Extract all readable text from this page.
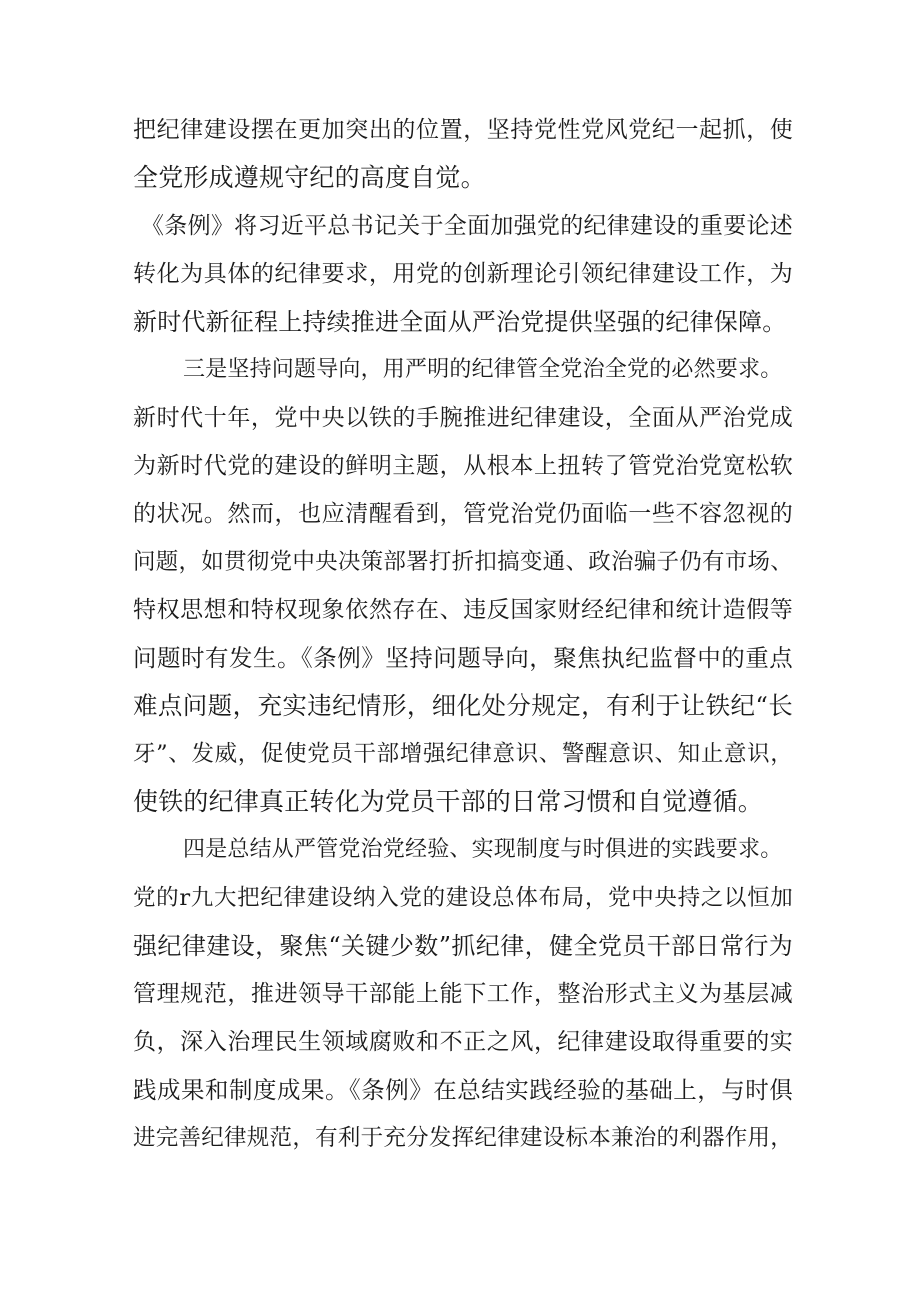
把纪律建设摆在更加突出的位置，坚持党性党风党纪一起抓，使
全党形成遵规守纪的高度自觉。

《条例》将习近平总书记关于全面加强党的纪律建设的重要论述
转化为具体的纪律要求，用党的创新理论引领纪律建设工作，为
新时代新征程上持续推进全面从严治党提供坚强的纪律保障。

三是坚持问题导向，用严明的纪律管全党治全党的必然要求。
新时代十年，党中央以铁的手腕推进纪律建设，全面从严治党成
为新时代党的建设的鲜明主题，从根本上扭转了管党治党宽松软
的状况。然而，也应清醒看到，管党治党仍面临一些不容忽视的
问题，如贯彻党中央决策部署打折扣搞变通、政治骗子仍有市场、
特权思想和特权现象依然存在、违反国家财经纪律和统计造假等
问题时有发生。《条例》坚持问题导向，聚焦执纪监督中的重点
难点问题，充实违纪情形，细化处分规定，有利于让铁纪“长
牙”、发威，促使党员干部增强纪律意识、警醒意识、知止意识，
使铁的纪律真正转化为党员干部的日常习惯和自觉遵循。

四是总结从严管党治党经验、实现制度与时俱进的实践要求。
党的r九大把纪律建设纳入党的建设总体布局，党中央持之以恒加
强纪律建设，聚焦“关键少数”抓纪律，健全党员干部日常行为
管理规范，推进领导干部能上能下工作，整治形式主义为基层减
负，深入治理民生领域腐败和不正之风，纪律建设取得重要的实
践成果和制度成果。《条例》在总结实践经验的基础上，与时俱
进完善纪律规范，有利于充分发挥纪律建设标本兼治的利器作用，
